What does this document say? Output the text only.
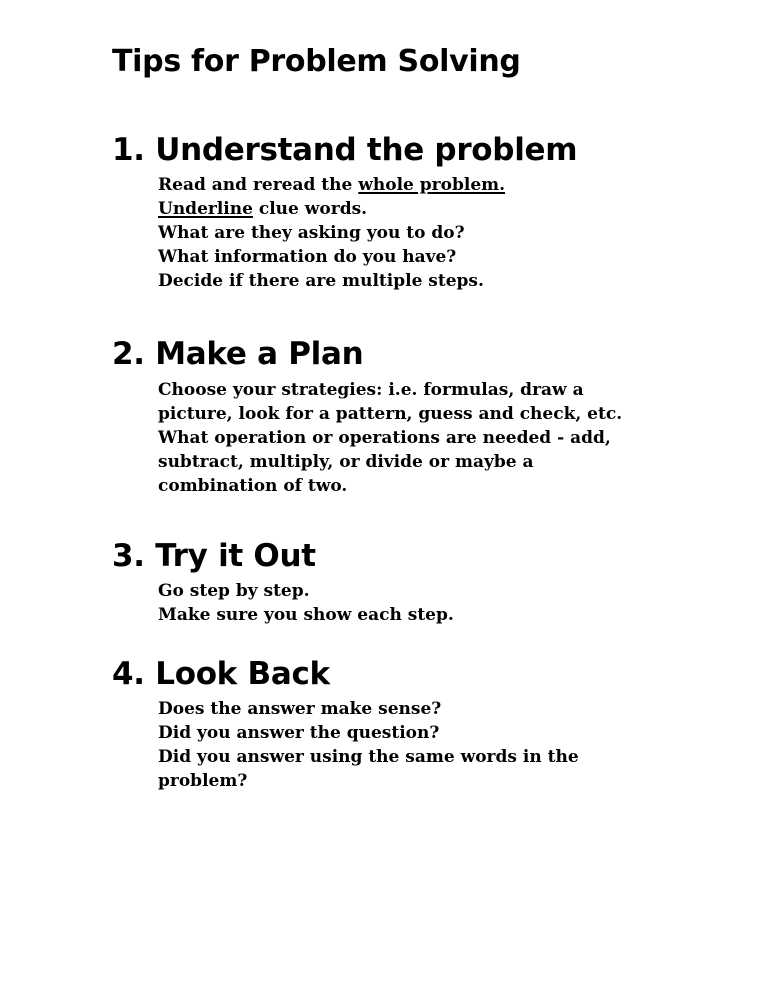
Tips for Problem Solving
1. Understand the problem
Read and reread the whole problem.
Underline clue words.
What are they asking you to do?
What information do you have?
Decide if there are multiple steps.
2. Make a Plan
Choose your strategies: i.e. formulas, draw a
picture, look for a pattern, guess and check, etc.
What operation or operations are needed - add,
subtract, multiply, or divide or maybe a
combination of two.
3. Try it Out
Go step by step.
Make sure you show each step.
4. Look Back
Does the answer make sense?
Did you answer the question?
Did you answer using the same words in the
problem?
